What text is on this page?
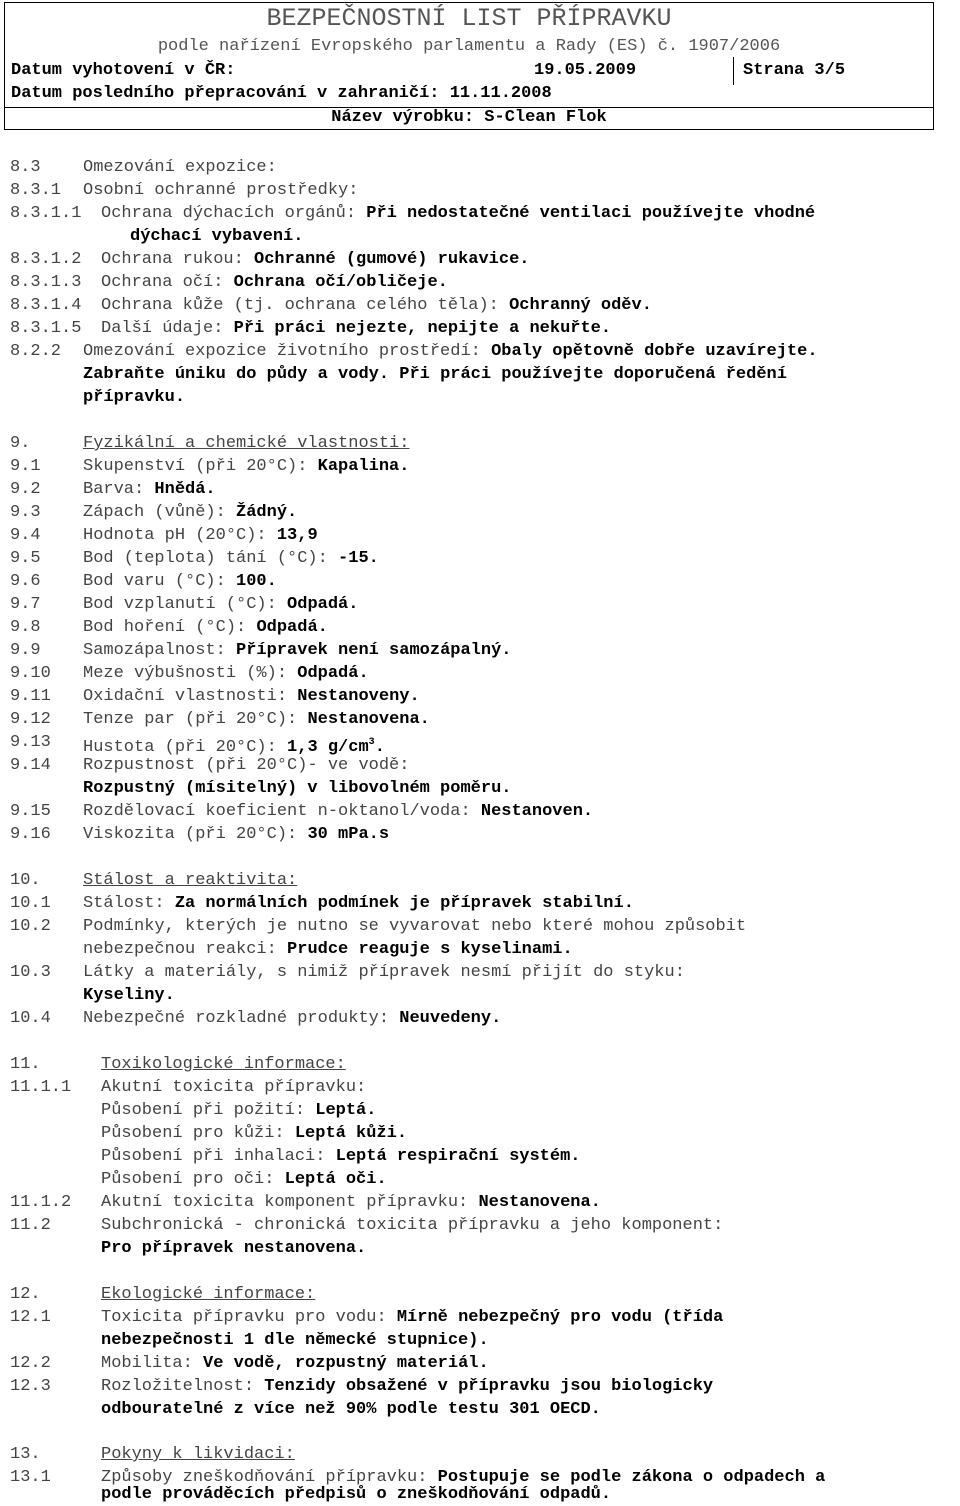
BEZPEČNOSTNÍ LIST PŘÍPRAVKU
podle nařízení Evropského parlamentu a Rady (ES) č. 1907/2006
Datum vyhotovení v ČR:	19.05.2009	Strana 3/5
Datum posledního přepracování v zahraničí: 11.11.2008
Název výrobku: S-Clean Flok
8.3 Omezování expozice:
8.3.1 Osobní ochranné prostředky:
8.3.1.1 Ochrana dýchacích orgánů: Při nedostatečné ventilaci používejte vhodné
dýchací vybavení.
8.3.1.2 Ochrana rukou: Ochranné (gumové) rukavice.
8.3.1.3 Ochrana očí: Ochrana očí/obličeje.
8.3.1.4 Ochrana kůže (tj. ochrana celého těla): Ochranný oděv.
8.3.1.5 Další údaje: Při práci nejezte, nepijte a nekuřte.
8.2.2 Omezování expozice životního prostředí: Obaly opětovně dobře uzavírejte.
Zabraňte úniku do půdy a vody. Při práci používejte doporučená ředění
přípravku.
9.	Fyzikální a chemické vlastnosti:
9.1 Skupenství (při 20°C): Kapalina.
9.2 Barva: Hnědá.
9.3 Zápach (vůně): Žádný.
9.4 Hodnota pH (20°C): 13,9
9.5 Bod (teplota) tání (°C): -15.
9.6 Bod varu (°C): 100.
9.7 Bod vzplanutí (°C): Odpadá.
9.8 Bod hoření (°C): Odpadá.
9.9 Samozápalnost: Přípravek není samozápalný.
9.10 Meze výbušnosti (%): Odpadá.
9.11 Oxidační vlastnosti: Nestanoveny.
9.12 Tenze par (při 20°C): Nestanovena.
9.13 Hustota (při 20°C): 1,3 $g/cm^3$.
9.14 Rozpustnost (při 20°C)- ve vodě:
Rozpustný (mísitelný) v libovolném poměru.
9.15 Rozdělovací koeficient n-oktanol/voda: Nestanoven.
9.16 Viskozita (při 20°C): 30 mPa.s
10. Stálost a reaktivita:
10.1 Stálost: Za normálních podmínek je přípravek stabilní.
10.2 Podmínky, kterých je nutno se vyvarovat nebo které mohou způsobit
nebezpečnou reakci: Prudce reaguje s kyselinami.
10.3 Látky a materiály, s nimiž přípravek nesmí přijít do styku:
Kyseliny.
10.4 Nebezpečné rozkladné produkty: Neuvedeny.
11.	Toxikologické informace:
11.1.1 Akutní toxicita přípravku:
Působení při požití: Leptá.
Působení pro kůži: Leptá kůži.
Působení při inhalaci: Leptá respirační systém.
Působení pro oči: Leptá oči.
11.1.2 Akutní toxicita komponent přípravku: Nestanovena.
11.2	Subchronická - chronická toxicita přípravku a jeho komponent:
Pro přípravek nestanovena.
12.	Ekologické informace:
12.1	Toxicita přípravku pro vodu: Mírně nebezpečný pro vodu (třída
nebezpečnosti 1 dle německé stupnice).
12.2	Mobilita: Ve vodě, rozpustný materiál.
12.3	Rozložitelnost: Tenzidy obsažené v přípravku jsou biologicky
odbouratelné z více než 90% podle testu 301 OECD.
13.	Pokyny k likvidaci:
13.1	Způsoby zneškodňování přípravku: Postupuje se podle zákona o odpadech a
podle prováděcích předpisů o zneškodňování odpadů.
